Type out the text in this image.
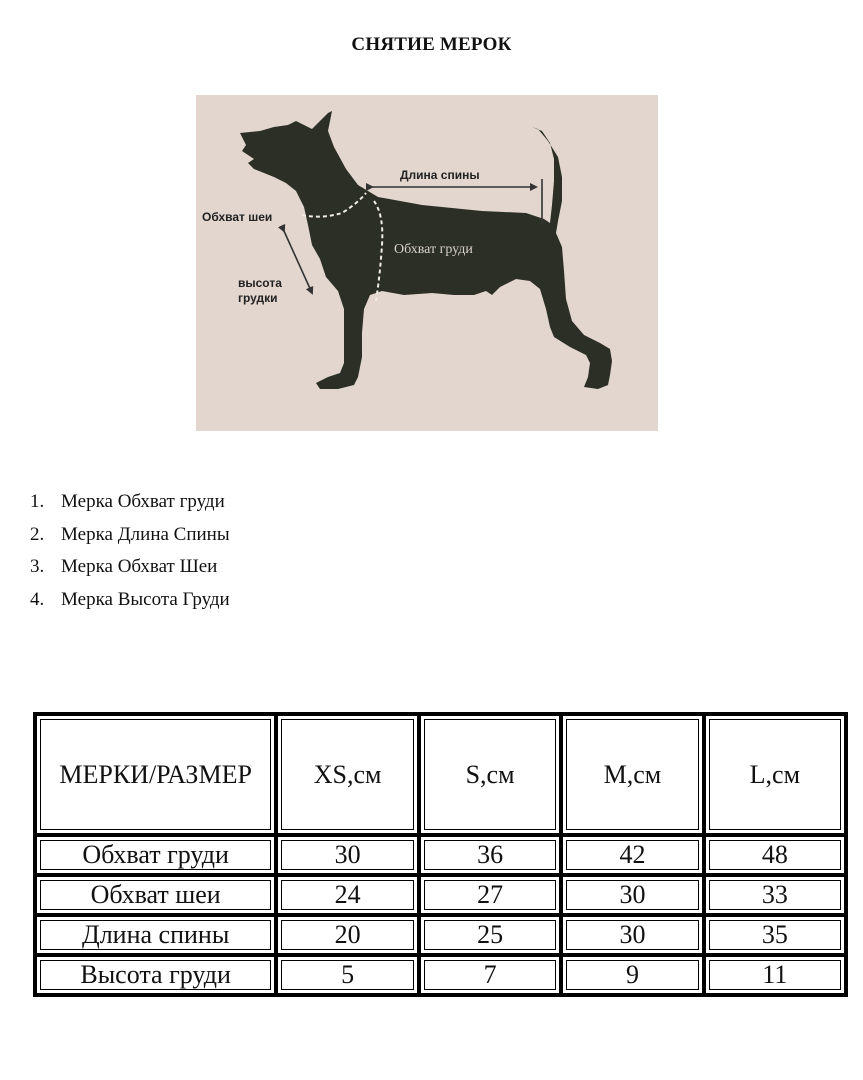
СНЯТИЕ МЕРОК
Длина спины
Обхват шеи
высота
грудки
Обхват груди
1. Мерка Обхват груди
2. Мерка Длина Спины
3. Мерка Обхват Шеи
4. Мерка Высота Груди
МЕРКИ/РАЗМЕР	XS,см	S,см	M,см	L,см
Обхват груди	30	36	42	48
Обхват шеи	24	27	30	33
Длина спины	20	25	30	35
Высота груди	5	7	9	11
